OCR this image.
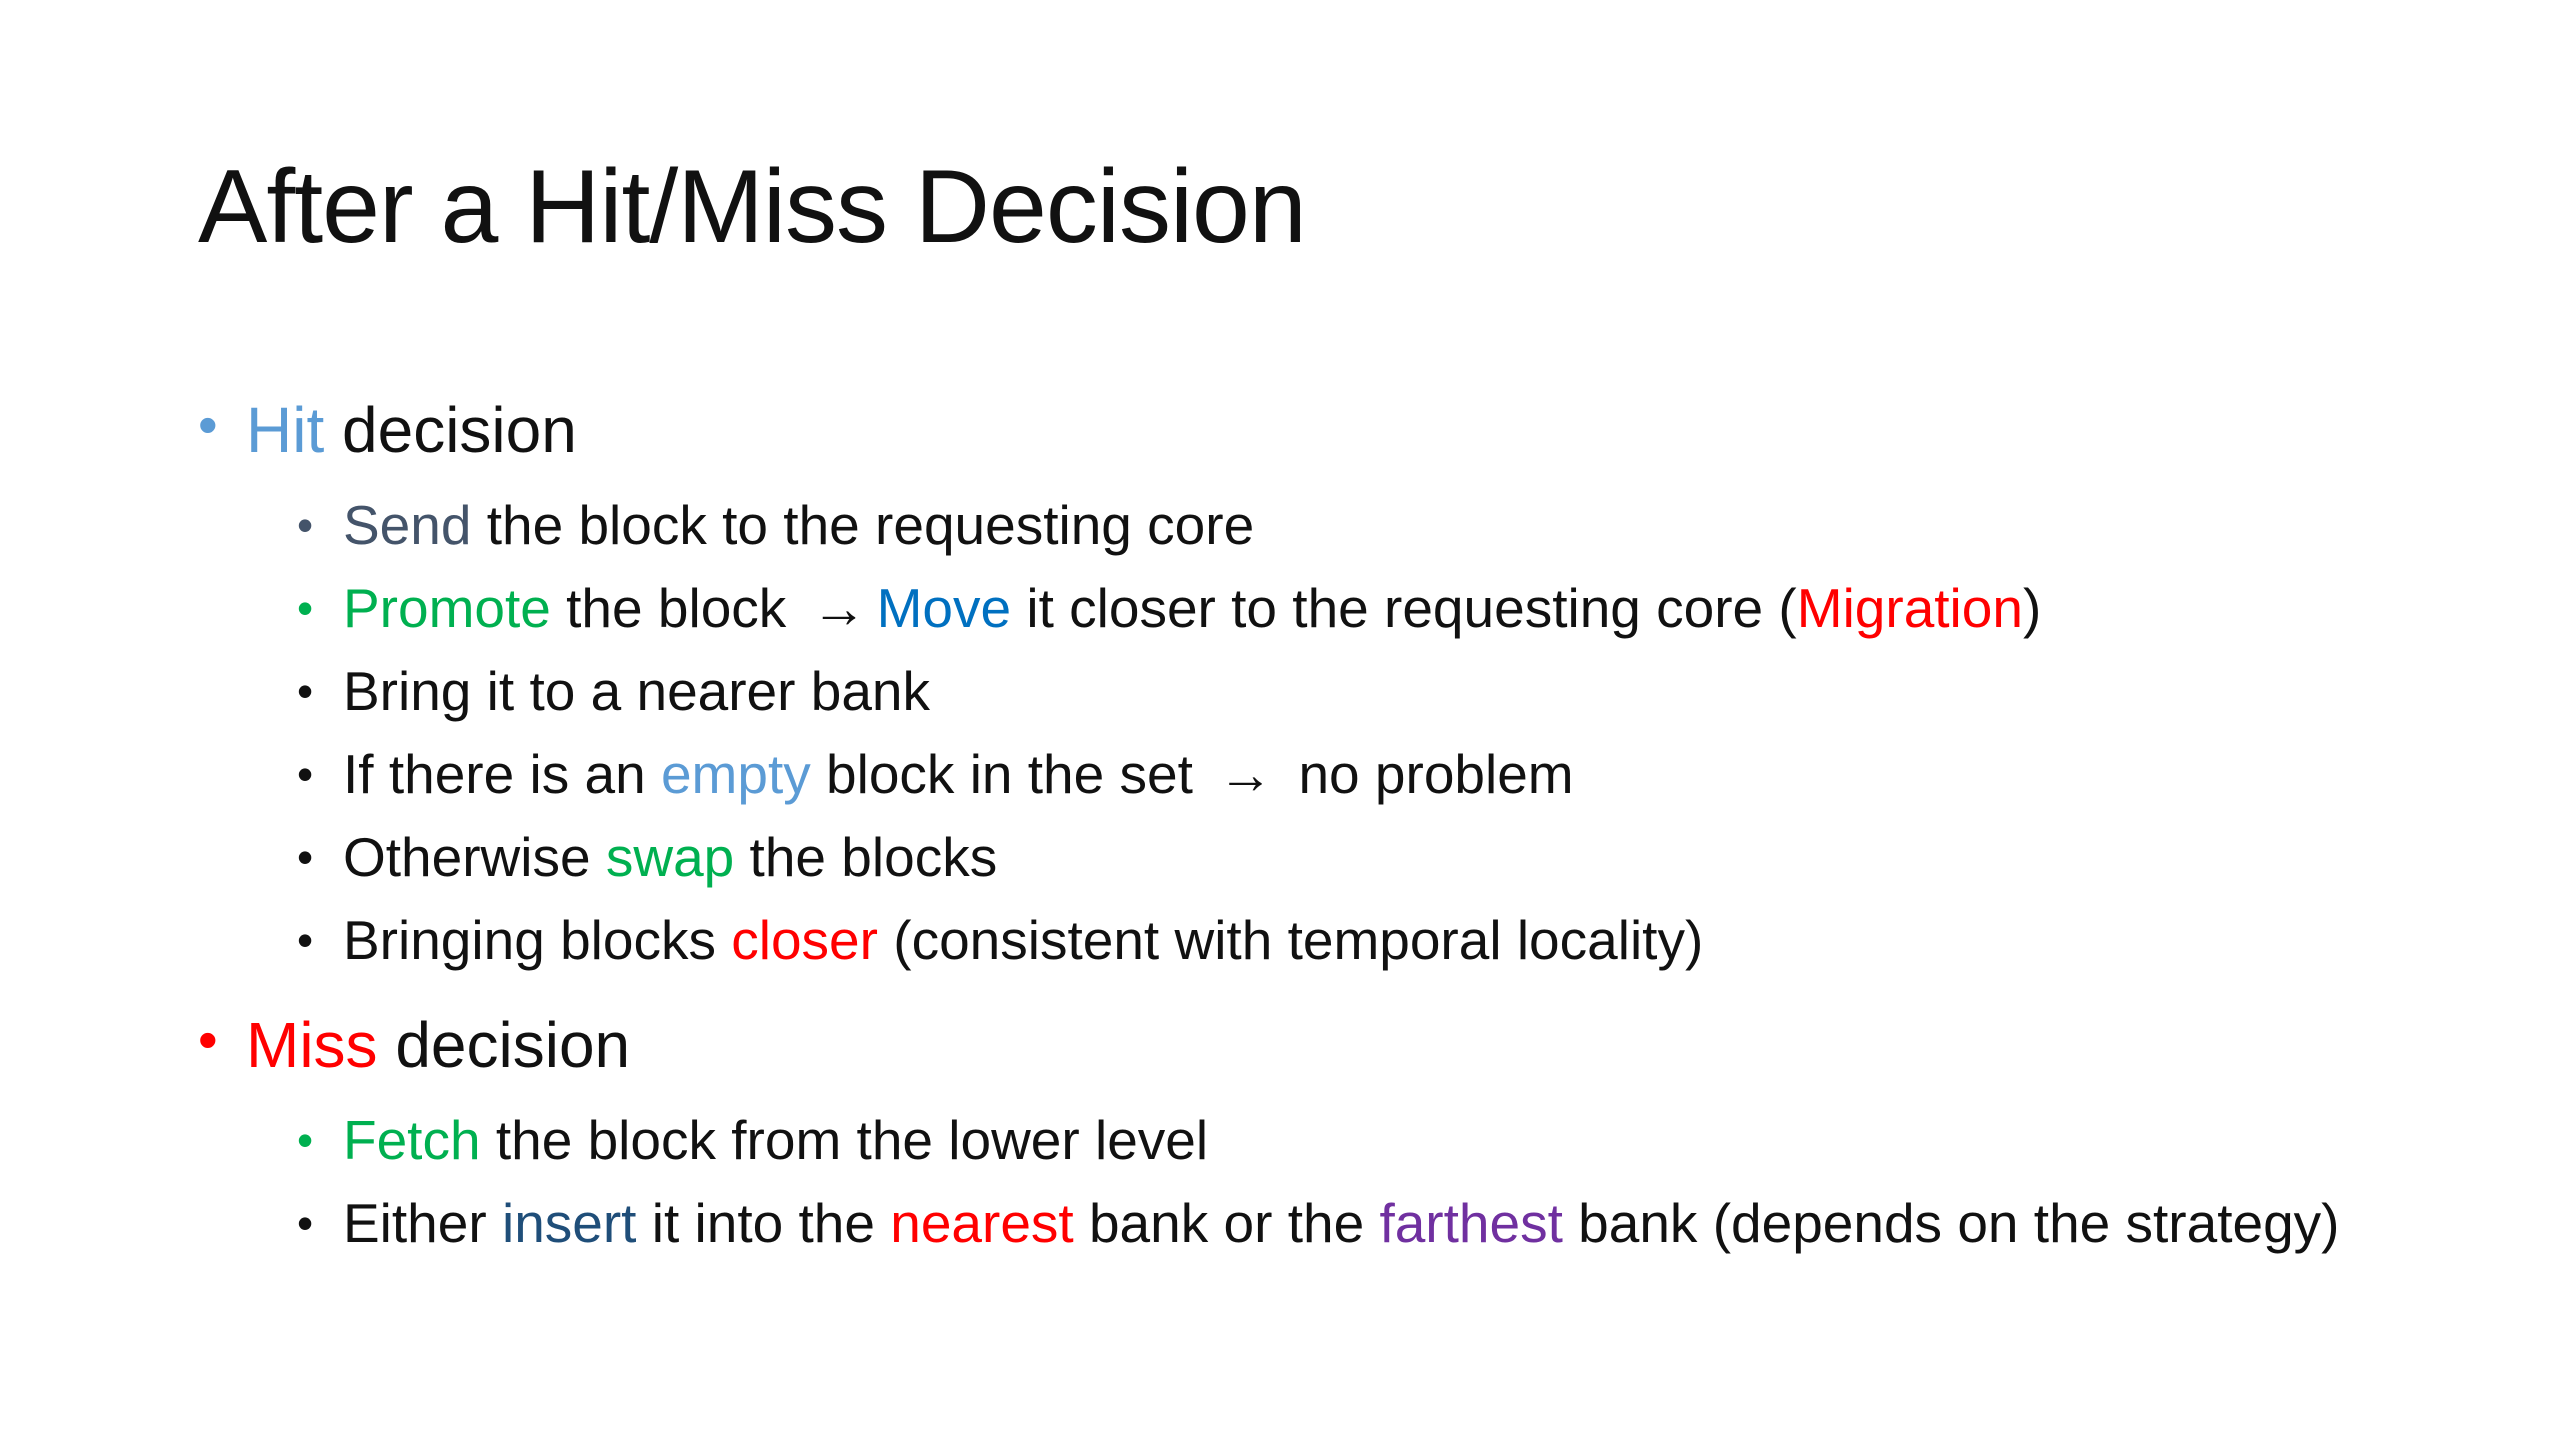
After a Hit/Miss Decision
• Hit decision
• Send the block to the requesting core
• Promote the block → Move it closer to the requesting core (Migration)
• Bring it to a nearer bank
• If there is an empty block in the set → no problem
• Otherwise swap the blocks
• Bringing blocks closer (consistent with temporal locality)
• Miss decision
• Fetch the block from the lower level
• Either insert it into the nearest bank or the farthest bank (depends on the strategy)
